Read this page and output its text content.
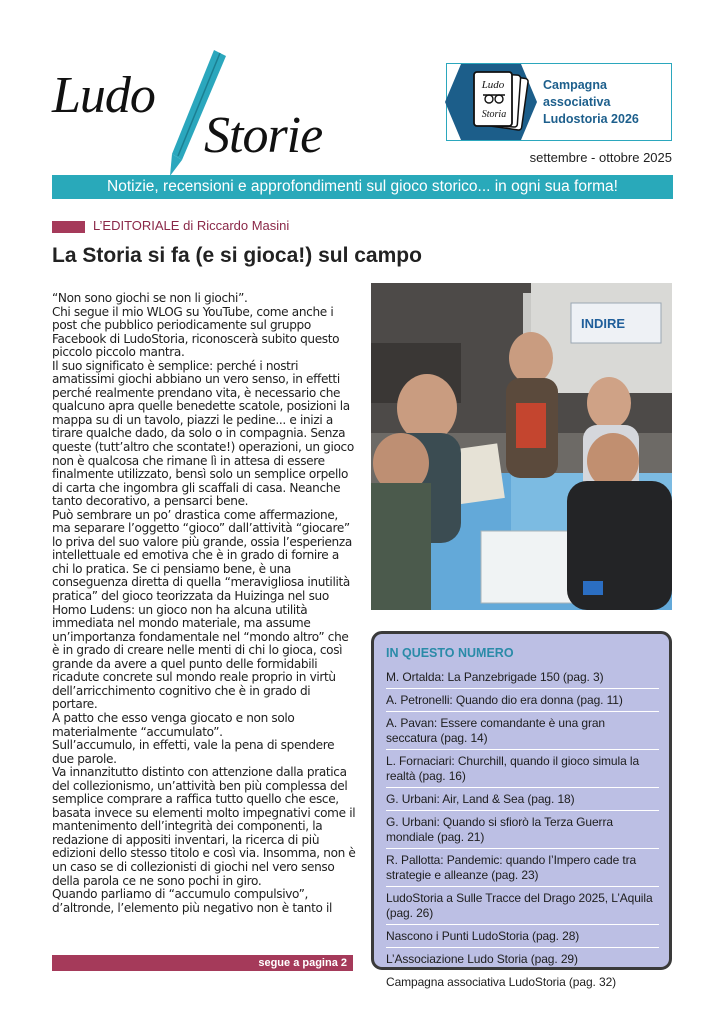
Ludo
Storie
Ludo
Storia
Campagna associativa Ludostoria 2026
settembre - ottobre 2025
Notizie, recensioni e approfondimenti sul gioco storico... in ogni sua forma!
L’EDITORIALE di Riccardo Masini
La Storia si fa (e si gioca!) sul campo

“Non sono giochi se non li giochi”.

Chi segue il mio WLOG su YouTube, come anche i post che pubblico periodicamente sul gruppo Facebook di LudoStoria, riconoscerà subito questo piccolo piccolo mantra.

Il suo significato è semplice: perché i nostri amatissimi giochi abbiano un vero senso, in effetti perché realmente prendano vita, è necessario che qualcuno apra quelle benedette scatole, posizioni la mappa su di un tavolo, piazzi le pedine... e inizi a tirare qualche dado, da solo o in compagnia. Senza queste (tutt’altro che scontate!) operazioni, un gioco non è qualcosa che rimane lì in attesa di essere finalmente utilizzato, bensì solo un semplice orpello di carta che ingombra gli scaffali di casa. Neanche tanto decorativo, a pensarci bene.

Può sembrare un po’ drastica come affermazione, ma separare l’oggetto “gioco” dall’attività “giocare” lo priva del suo valore più grande, ossia l’esperienza intellettuale ed emotiva che è in grado di fornire a chi lo pratica. Se ci pensiamo bene, è una conseguenza diretta di quella “meravigliosa inutilità pratica” del gioco teorizzata da Huizinga nel suo Homo Ludens: un gioco non ha alcuna utilità immediata nel mondo materiale, ma assume un’importanza fondamentale nel “mondo altro” che è in grado di creare nelle menti di chi lo gioca, così grande da avere a quel punto delle formidabili ricadute concrete sul mondo reale proprio in virtù dell’arricchimento cognitivo che è in grado di portare.

A patto che esso venga giocato e non solo materialmente “accumulato”.

Sull’accumulo, in effetti, vale la pena di spendere due parole.

Va innanzitutto distinto con attenzione dalla pratica del collezionismo, un’attività ben più complessa del semplice comprare a raffica tutto quello che esce, basata invece su elementi molto impegnativi come il mantenimento dell’integrità dei componenti, la redazione di appositi inventari, la ricerca di più edizioni dello stesso titolo e così via. Insomma, non è un caso se di collezionisti di giochi nel vero senso della parola ce ne sono pochi in giro.

Quando parliamo di “accumulo compulsivo”, d’altronde, l’elemento più negativo non è tanto il

segue a pagina 2
INDIRE
IN QUESTO NUMERO
M. Ortalda: La Panzebrigade 150 (pag. 3)
A. Petronelli: Quando dio era donna (pag. 11)
A. Pavan: Essere comandante è una gran seccatura (pag. 14)
L. Fornaciari: Churchill, quando il gioco simula la realtà (pag. 16)
G. Urbani: Air, Land & Sea (pag. 18)
G. Urbani: Quando si sfiorò la Terza Guerra mondiale (pag. 21)
R. Pallotta: Pandemic: quando l’Impero cade tra strategie e alleanze (pag. 23)
LudoStoria a Sulle Tracce del Drago 2025, L’Aquila (pag. 26)
Nascono i Punti LudoStoria (pag. 28)
L’Associazione Ludo Storia (pag. 29)
Campagna associativa LudoStoria (pag. 32)
